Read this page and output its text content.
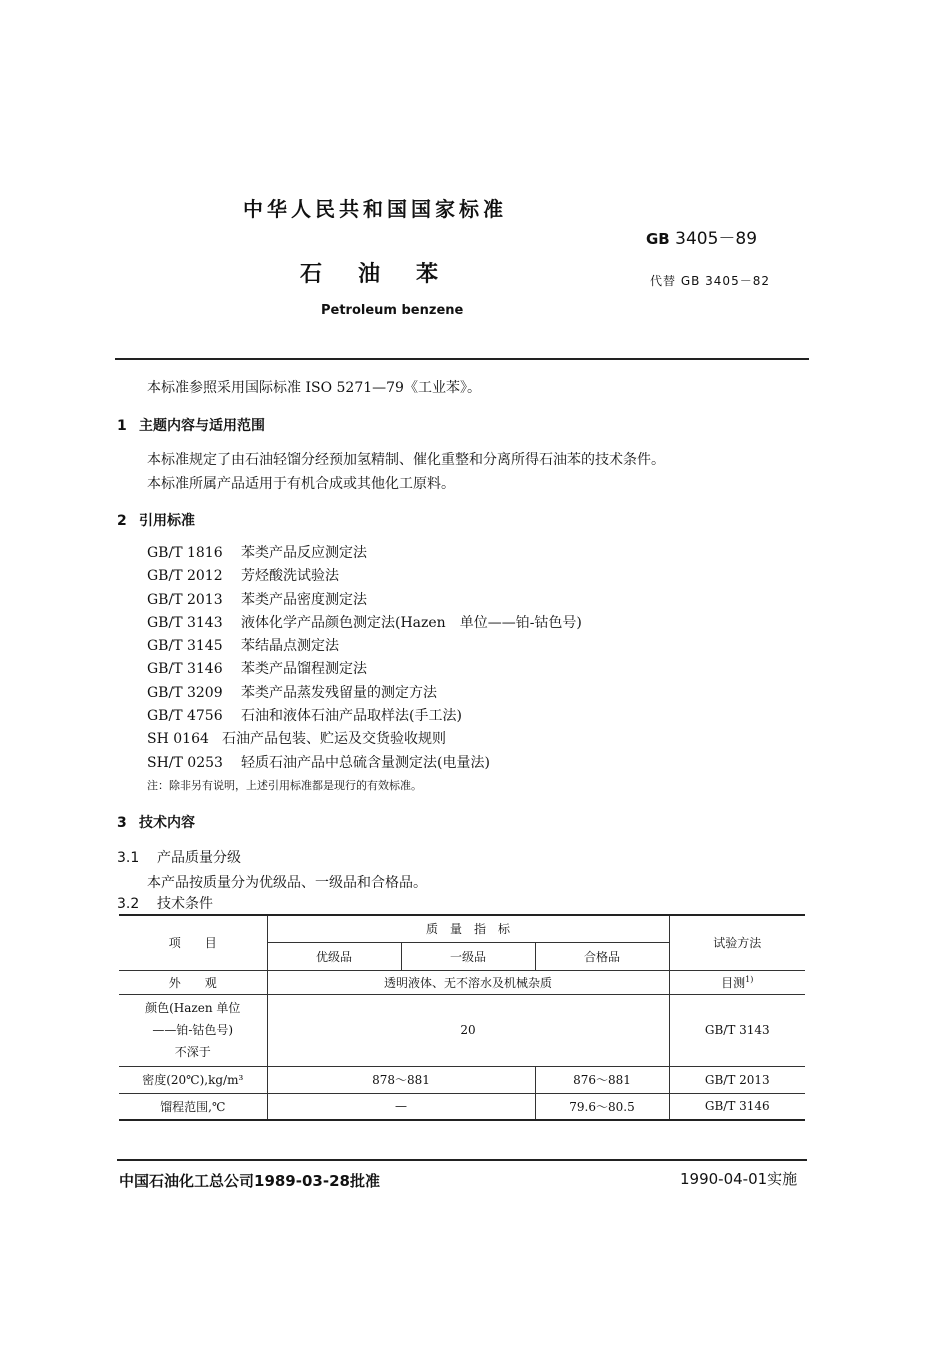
中华人民共和国国家标准
GB 3405－89
石油苯	代替 GB 3405－82
Petroleum benzene
本标准参照采用国际标准 ISO 5271—79《工业苯》。
1 主题内容与适用范围
本标准规定了由石油轻馏分经预加氢精制、催化重整和分离所得石油苯的技术条件。
本标准所属产品适用于有机合成或其他化工原料。
2 引用标准
GB/T 1816	苯类产品反应测定法
GB/T 2012	芳烃酸洗试验法
GB/T 2013	苯类产品密度测定法
GB/T 3143	液体化学产品颜色测定法(Hazen　单位——铂-钴色号)
GB/T 3145	苯结晶点测定法
GB/T 3146	苯类产品馏程测定法
GB/T 3209	苯类产品蒸发残留量的测定方法
GB/T 4756	石油和液体石油产品取样法(手工法)
SH 0164 石油产品包装、贮运及交货验收规则
SH/T 0253	轻质石油产品中总硫含量测定法(电量法)
注：除非另有说明，上述引用标准都是现行的有效标准。
3 技术内容
3.1 产品质量分级
本产品按质量分为优级品、一级品和合格品。
3.2 技术条件
项　　目	质　量　指　标			试验方法
	优级品	一级品	合格品	
外　　观	透明液体、无不溶水及机械杂质			目测$^{1)}$

颜色(Hazen 单位
——铂-钴色号)
不深于	20			GB/T 3143
密度(20℃),kg/m³	878～881		876～881	GB/T 2013
馏程范围,℃	—		79.6～80.5	GB/T 3146
中国石油化工总公司1989-03-28批准	1990-04-01实施
